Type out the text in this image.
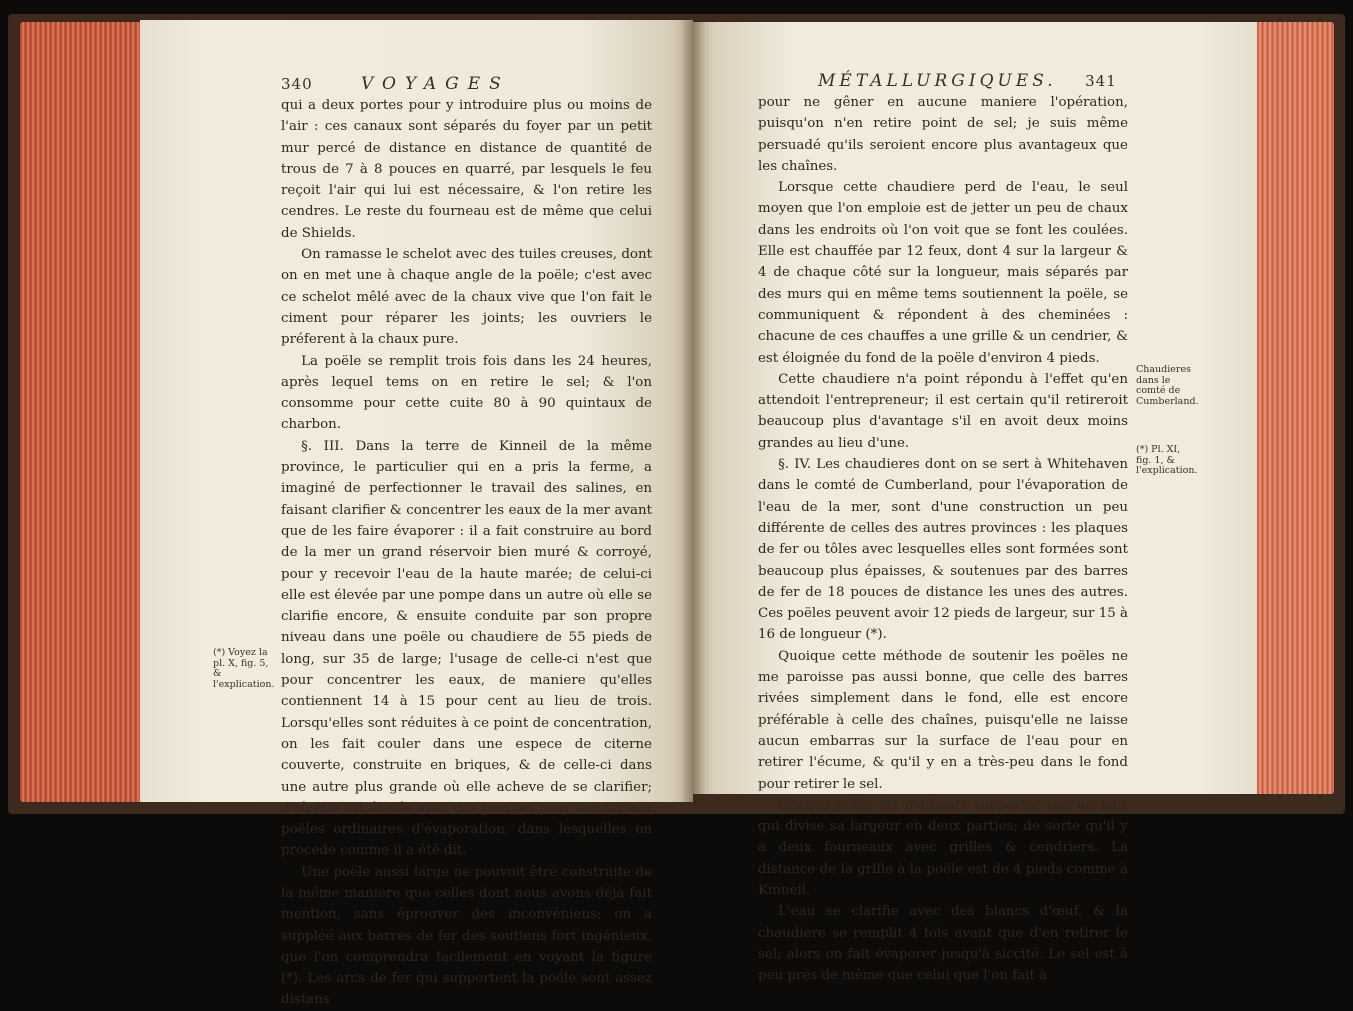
340	VOYAGES

qui a deux portes pour y introduire plus ou moins de l'air : ces canaux sont séparés du foyer par un petit mur percé de distance en distance de quantité de trous de 7 à 8 pouces en quarré, par lesquels le feu reçoit l'air qui lui est nécessaire, & l'on retire les cendres. Le reste du fourneau est de même que celui de Shields.

On ramasse le schelot avec des tuiles creuses, dont on en met une à chaque angle de la poële; c'est avec ce schelot mêlé avec de la chaux vive que l'on fait le ciment pour réparer les joints; les ouvriers le préferent à la chaux pure.

La poële se remplit trois fois dans les 24 heures, après lequel tems on en retire le sel; & l'on consomme pour cette cuite 80 à 90 quintaux de charbon.

§. III. Dans la terre de Kinneil de la même province, le particulier qui en a pris la ferme, a imaginé de perfectionner le travail des salines, en faisant clarifier & concentrer les eaux de la mer avant que de les faire évaporer : il a fait construire au bord de la mer un grand réservoir bien muré & corroyé, pour y recevoir l'eau de la haute marée; de celui-ci elle est élevée par une pompe dans un autre où elle se clarifie encore, & ensuite conduite par son propre niveau dans une poële ou chaudiere de 55 pieds de long, sur 35 de large; l'usage de celle-ci n'est que pour concentrer les eaux, de maniere qu'elles contiennent 14 à 15 pour cent au lieu de trois. Lorsqu'elles sont réduites à ce point de concentration, on les fait couler dans une espece de citerne couverte, construite en briques, & de celle-ci dans une autre plus grande où elle acheve de se clarifier; d'où elle est élevée avec des pompes pour fournir aux poëles ordinaires d'évaporation, dans lesquelles on procede comme il a été dit.

Une poële aussi large ne pouvoit être construite de la même maniere que celles dont nous avons déjà fait mention, sans éprouver des inconvéniens; on a suppléé aux barres de fer des soutiens fort ingénieux, que l'on comprendra facilement en voyant la figure (*). Les arcs de fer qui supportent la poële sont assez distans

(*) Voyez la pl. X, fig. 5, & l'explication.
MÉTALLURGIQUES. 341

pour ne gêner en aucune maniere l'opération, puisqu'on n'en retire point de sel; je suis même persuadé qu'ils seroient encore plus avantageux que les chaînes.

Lorsque cette chaudiere perd de l'eau, le seul moyen que l'on emploie est de jetter un peu de chaux dans les endroits où l'on voit que se font les coulées. Elle est chauffée par 12 feux, dont 4 sur la largeur & 4 de chaque côté sur la longueur, mais séparés par des murs qui en même tems soutiennent la poële, se communiquent & répondent à des cheminées : chacune de ces chauffes a une grille & un cendrier, & est éloignée du fond de la poële d'environ 4 pieds.

Cette chaudiere n'a point répondu à l'effet qu'en attendoit l'entrepreneur; il est certain qu'il retireroit beaucoup plus d'avantage s'il en avoit deux moins grandes au lieu d'une.

§. IV. Les chaudieres dont on se sert à Whitehaven dans le comté de Cumberland, pour l'évaporation de l'eau de la mer, sont d'une construction un peu différente de celles des autres provinces : les plaques de fer ou tôles avec lesquelles elles sont formées sont beaucoup plus épaisses, & soutenues par des barres de fer de 18 pouces de distance les unes des autres. Ces poëles peuvent avoir 12 pieds de largeur, sur 15 à 16 de longueur (*).

Quoique cette méthode de soutenir les poëles ne me paroisse pas aussi bonne, que celle des barres rivées simplement dans le fond, elle est encore préférable à celle des chaînes, puisqu'elle ne laisse aucun embarras sur la surface de l'eau pour en retirer l'écume, & qu'il y en a très-peu dans le fond pour retirer le sel.

Chaque poële est d'ailleurs supportée par un mur qui divise sa largeur en deux parties; de sorte qu'il y a deux fourneaux avec grilles & cendriers. La distance de la grille à la poële est de 4 pieds comme à Kinneil.

L'eau se clarifie avec des blancs d'œuf, & la chaudiere se remplit 4 fois avant que d'en retirer le sel; alors on fait évaporer jusqu'à siccité. Le sel est à peu près de même que celui que l'on fait à

Chaudieres dans le comté de Cumberland.
(*) Pl. XI, fig. 1, & l'explication.
